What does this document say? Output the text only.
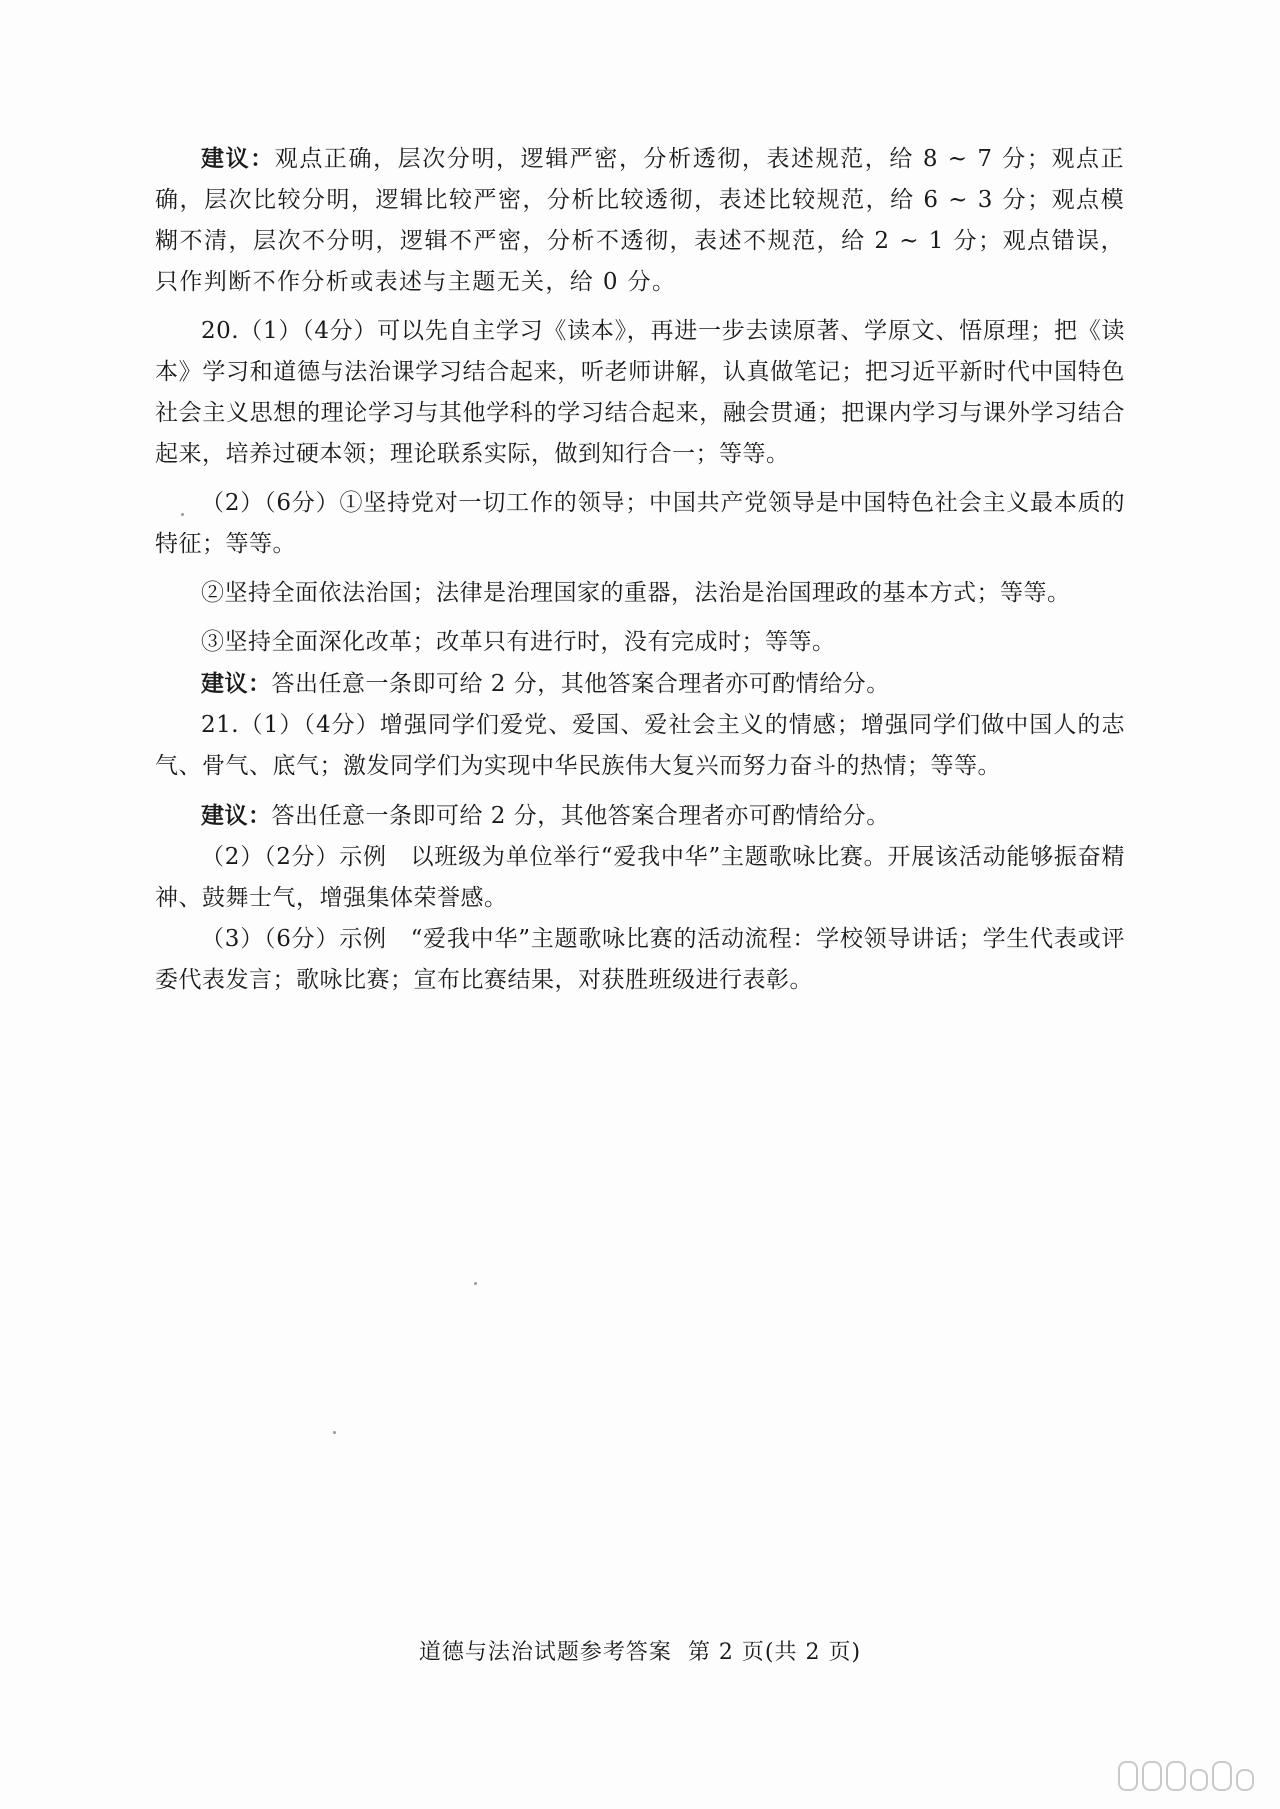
建议：观点正确，层次分明，逻辑严密，分析透彻，表述规范，给 8 ~ 7 分；观点正确，层次比较分明，逻辑比较严密，分析比较透彻，表述比较规范，给 6 ~ 3 分；观点模糊不清，层次不分明，逻辑不严密，分析不透彻，表述不规范，给 2 ~ 1 分；观点错误，只作判断不作分析或表述与主题无关，给 0 分。

20.（1）（4分）可以先自主学习《读本》，再进一步去读原著、学原文、悟原理；把《读本》学习和道德与法治课学习结合起来，听老师讲解，认真做笔记；把习近平新时代中国特色社会主义思想的理论学习与其他学科的学习结合起来，融会贯通；把课内学习与课外学习结合起来，培养过硬本领；理论联系实际，做到知行合一；等等。

（2）（6分）①坚持党对一切工作的领导；中国共产党领导是中国特色社会主义最本质的特征；等等。

②坚持全面依法治国；法律是治理国家的重器，法治是治国理政的基本方式；等等。

③坚持全面深化改革；改革只有进行时，没有完成时；等等。

建议：答出任意一条即可给 2 分，其他答案合理者亦可酌情给分。

21.（1）（4分）增强同学们爱党、爱国、爱社会主义的情感；增强同学们做中国人的志气、骨气、底气；激发同学们为实现中华民族伟大复兴而努力奋斗的热情；等等。

建议：答出任意一条即可给 2 分，其他答案合理者亦可酌情给分。

（2）（2分）示例　以班级为单位举行“爱我中华”主题歌咏比赛。开展该活动能够振奋精神、鼓舞士气，增强集体荣誉感。

（3）（6分）示例　“爱我中华”主题歌咏比赛的活动流程：学校领导讲话；学生代表或评委代表发言；歌咏比赛；宣布比赛结果，对获胜班级进行表彰。

道德与法治试题参考答案 第 2 页(共 2 页)
